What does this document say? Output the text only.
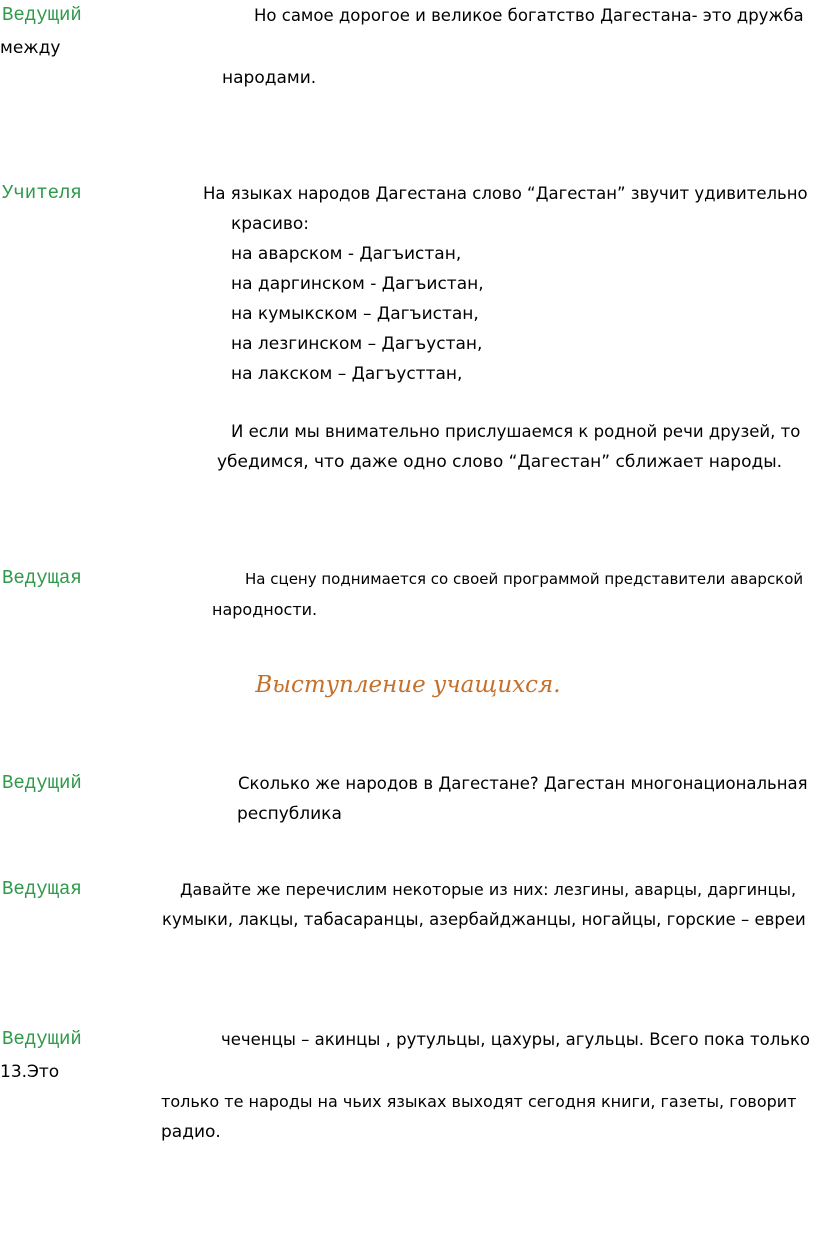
Ведущий	Но самое дорогое и великое богатство Дагестана- это дружба
между
народами.
Учителя	На языках народов Дагестана слово “Дагестан” звучит удивительно
красиво:
на аварском - Дагъистан,
на даргинском - Дагъистан,
на кумыкском – Дагъистан,
на лезгинском – Дагъустан,
на лакском – Дагъусттан,
И если мы внимательно прислушаемся к родной речи друзей, то
убедимся, что даже одно слово “Дагестан” сближает народы.
Ведущая	На сцену поднимается со своей программой представители аварской
народности.
Выступление учащихся.
Ведущий	Сколько же народов в Дагестане? Дагестан многонациональная
республика
Ведущая	Давайте же перечислим некоторые из них: лезгины, аварцы, даргинцы,
кумыки, лакцы, табасаранцы, азербайджанцы, ногайцы, горские – евреи
Ведущий	чеченцы – акинцы , рутульцы, цахуры, агульцы. Всего пока только
13.Это
только те народы на чьих языках выходят сегодня книги, газеты, говорит
радио.
